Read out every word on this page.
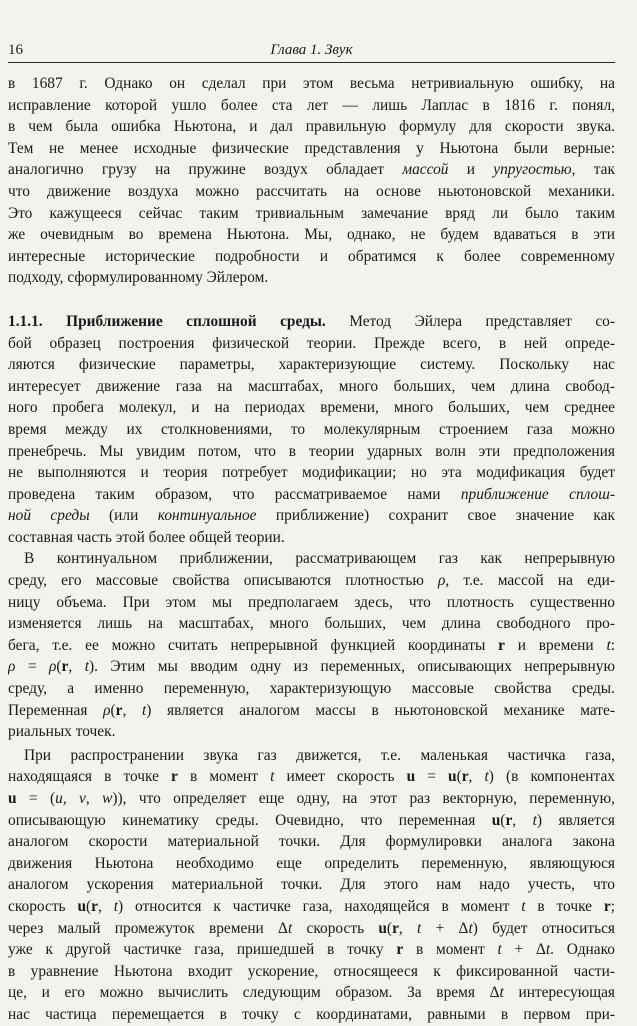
16	Глава 1. Звук
в 1687 г. Однако он сделал при этом весьма нетривиальную ошибку, на
исправление которой ушло более ста лет — лишь Лаплас в 1816 г. понял,
в чем была ошибка Ньютона, и дал правильную формулу для скорости звука.
Тем не менее исходные физические представления у Ньютона были верные:
аналогично грузу на пружине воздух обладает массой и упругостью, так
что движение воздуха можно рассчитать на основе ньютоновской механики.
Это кажущееся сейчас таким тривиальным замечание вряд ли было таким
же очевидным во времена Ньютона. Мы, однако, не будем вдаваться в эти
интересные исторические подробности и обратимся к более современному
подходу, сформулированному Эйлером.
1.1.1. Приближение сплошной среды. Метод Эйлера представляет со-
бой образец построения физической теории. Прежде всего, в ней опреде-
ляются физические параметры, характеризующие систему. Поскольку нас
интересует движение газа на масштабах, много больших, чем длина свобод-
ного пробега молекул, и на периодах времени, много больших, чем среднее
время между их столкновениями, то молекулярным строением газа можно
пренебречь. Мы увидим потом, что в теории ударных волн эти предположения
не выполняются и теория потребует модификации; но эта модификация будет
проведена таким образом, что рассматриваемое нами приближение сплош-
ной среды (или континуальное приближение) сохранит свое значение как
составная часть этой более общей теории.
В континуальном приближении, рассматривающем газ как непрерывную
среду, его массовые свойства описываются плотностью ρ, т.е. массой на еди-
ницу объема. При этом мы предполагаем здесь, что плотность существенно
изменяется лишь на масштабах, много больших, чем длина свободного про-
бега, т.е. ее можно считать непрерывной функцией координаты r и времени t:
ρ = ρ(r, t). Этим мы вводим одну из переменных, описывающих непрерывную
среду, а именно переменную, характеризующую массовые свойства среды.
Переменная ρ(r, t) является аналогом массы в ньютоновской механике мате-
риальных точек.
При распространении звука газ движется, т.е. маленькая частичка газа,
находящаяся в точке r в момент t имеет скорость u = u(r, t) (в компонентах
u = (u, v, w)), что определяет еще одну, на этот раз векторную, переменную,
описывающую кинематику среды. Очевидно, что переменная u(r, t) является
аналогом скорости материальной точки. Для формулировки аналога закона
движения Ньютона необходимо еще определить переменную, являющуюся
аналогом ускорения материальной точки. Для этого нам надо учесть, что
скорость u(r, t) относится к частичке газа, находящейся в момент t в точке r;
через малый промежуток времени Δt скорость u(r, t + Δt) будет относиться
уже к другой частичке газа, пришедшей в точку r в момент t + Δt. Однако
в уравнение Ньютона входит ускорение, относящееся к фиксированной части-
це, и его можно вычислить следующим образом. За время Δt интересующая
нас частица перемещается в точку с координатами, равными в первом при-
